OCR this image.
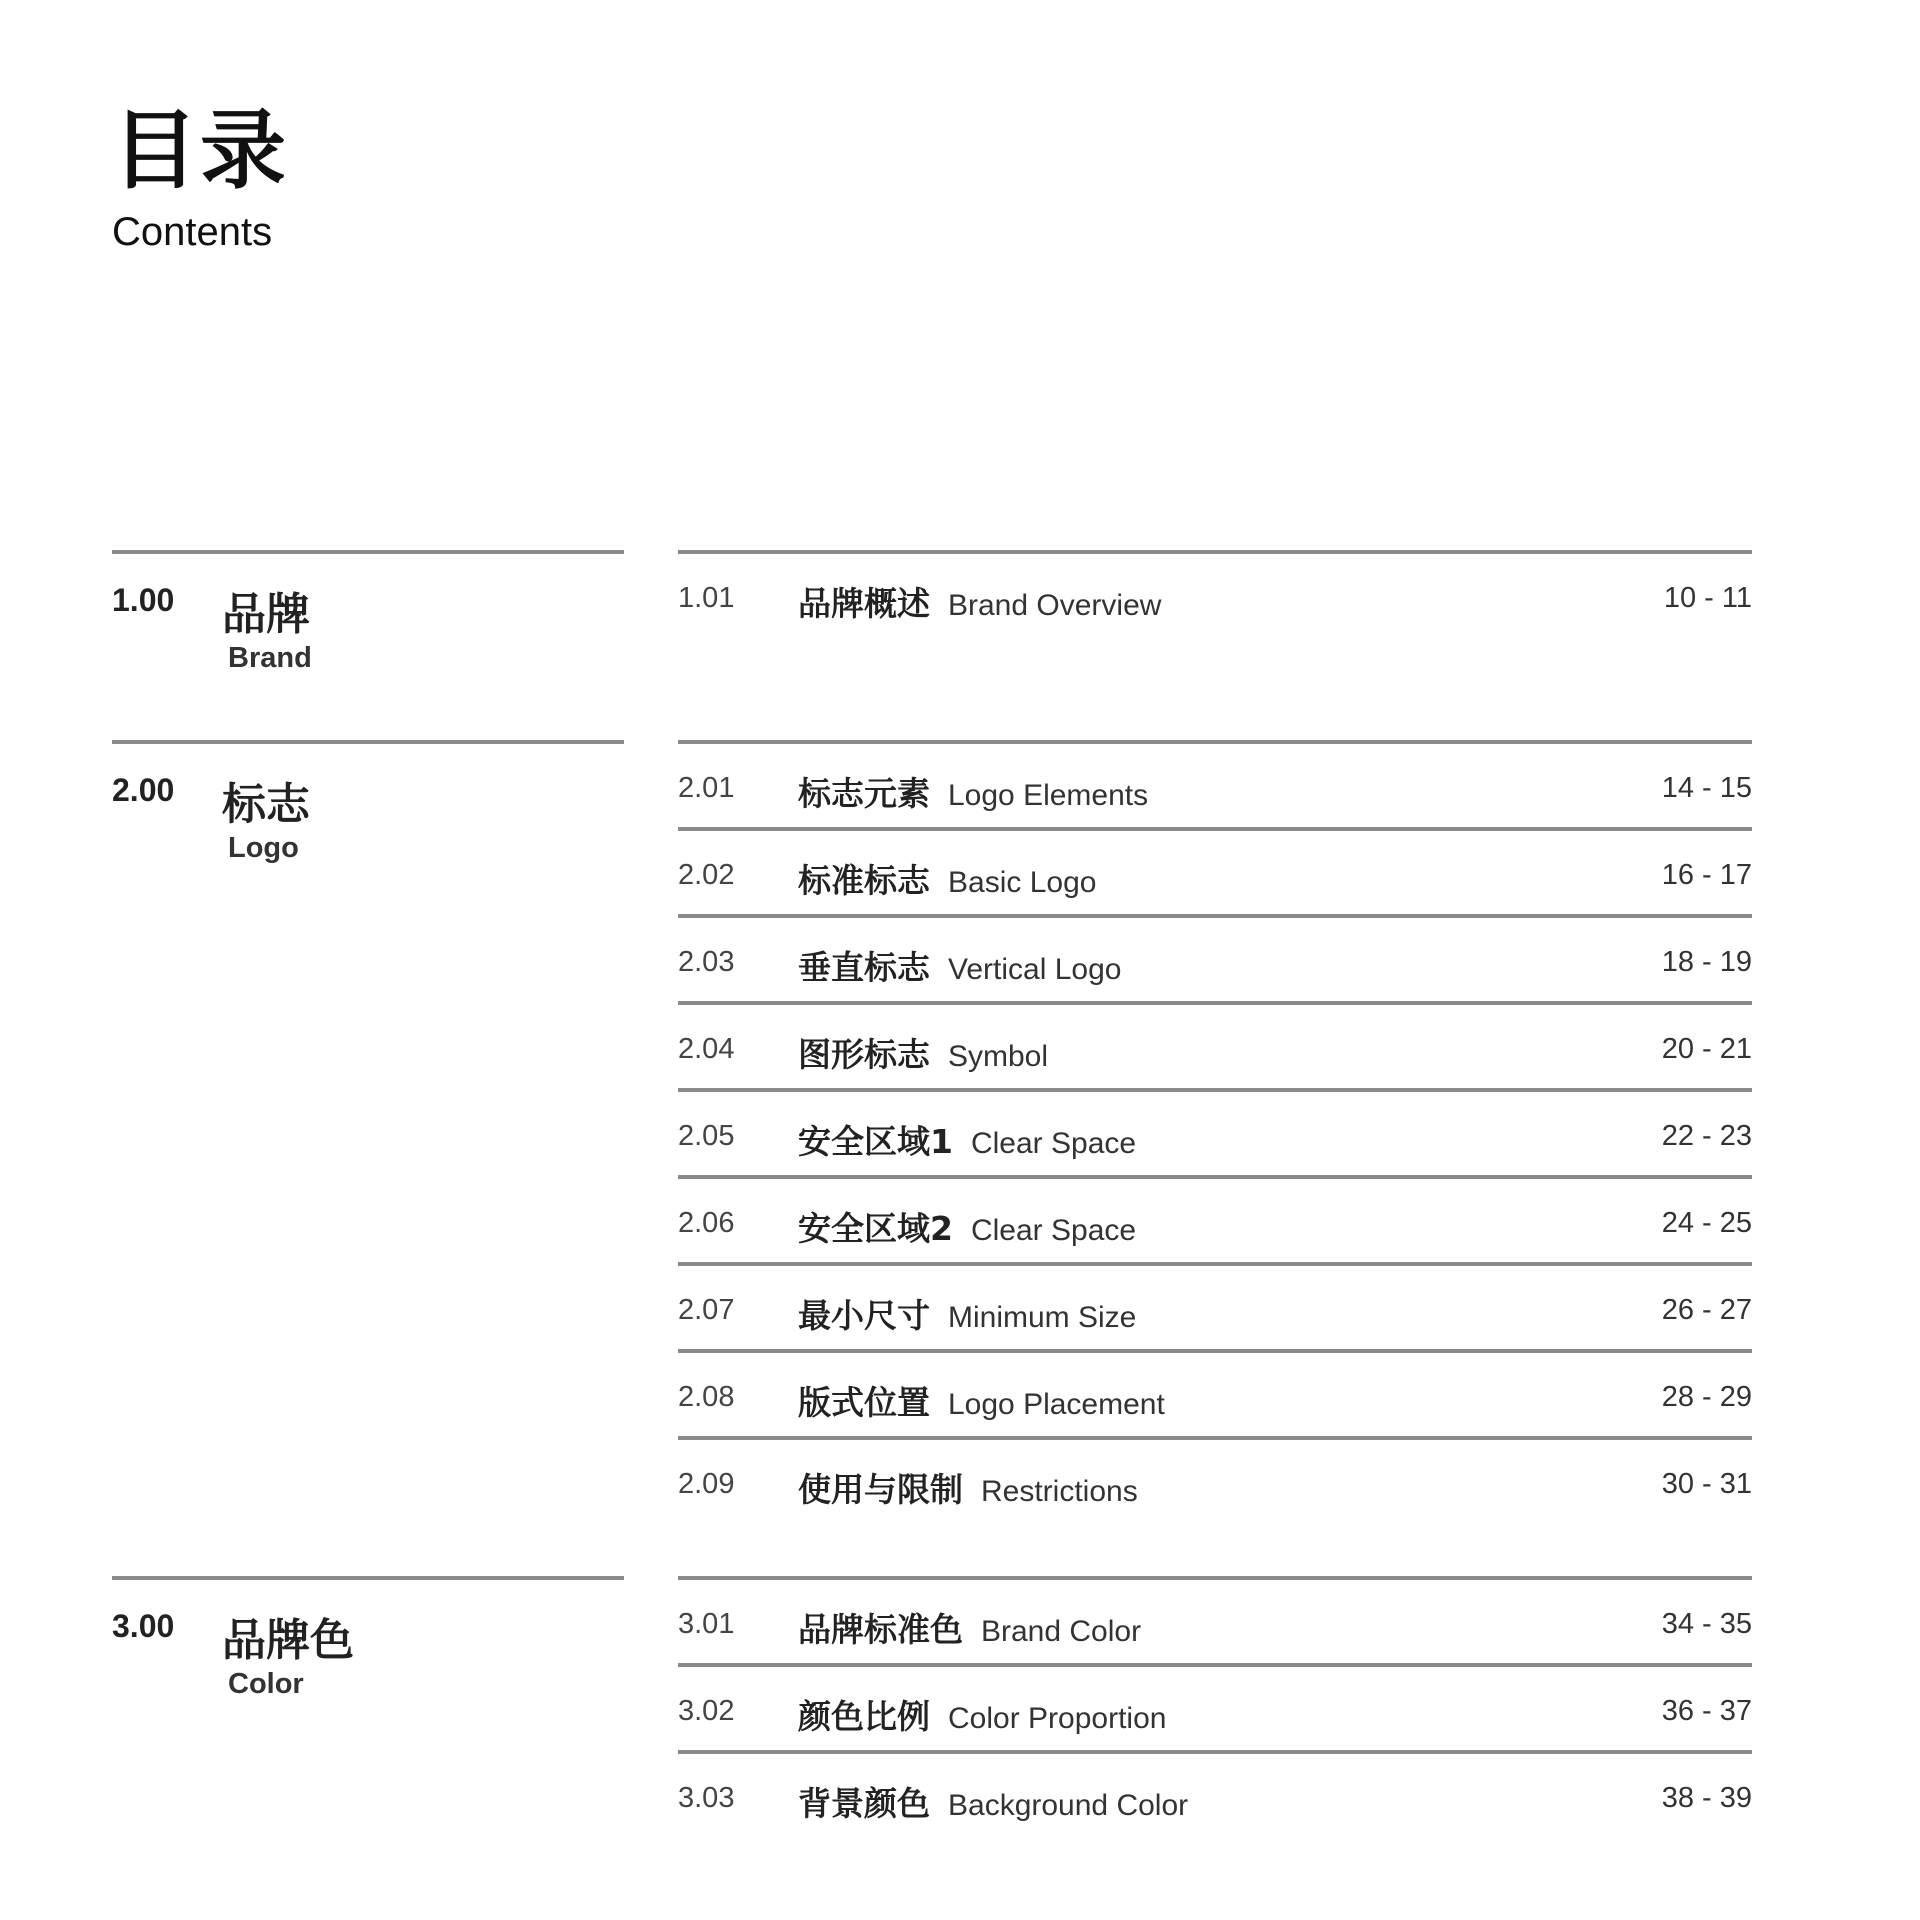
目录
Contents
1.00 品牌
Brand
1.01 品牌概述 Brand Overview	10 - 11
2.00 标志
Logo
2.01 标志元素 Logo Elements	14 - 15
2.02 标准标志 Basic Logo	16 - 17
2.03 垂直标志 Vertical Logo	18 - 19
2.04 图形标志 Symbol	20 - 21
2.05 安全区域1 Clear Space	22 - 23
2.06 安全区域2 Clear Space	24 - 25
2.07 最小尺寸 Minimum Size	26 - 27
2.08 版式位置 Logo Placement	28 - 29
2.09 使用与限制 Restrictions	30 - 31
3.00 品牌色
Color
3.01 品牌标准色 Brand Color	34 - 35
3.02 颜色比例 Color Proportion	36 - 37
3.03 背景颜色 Background Color	38 - 39
